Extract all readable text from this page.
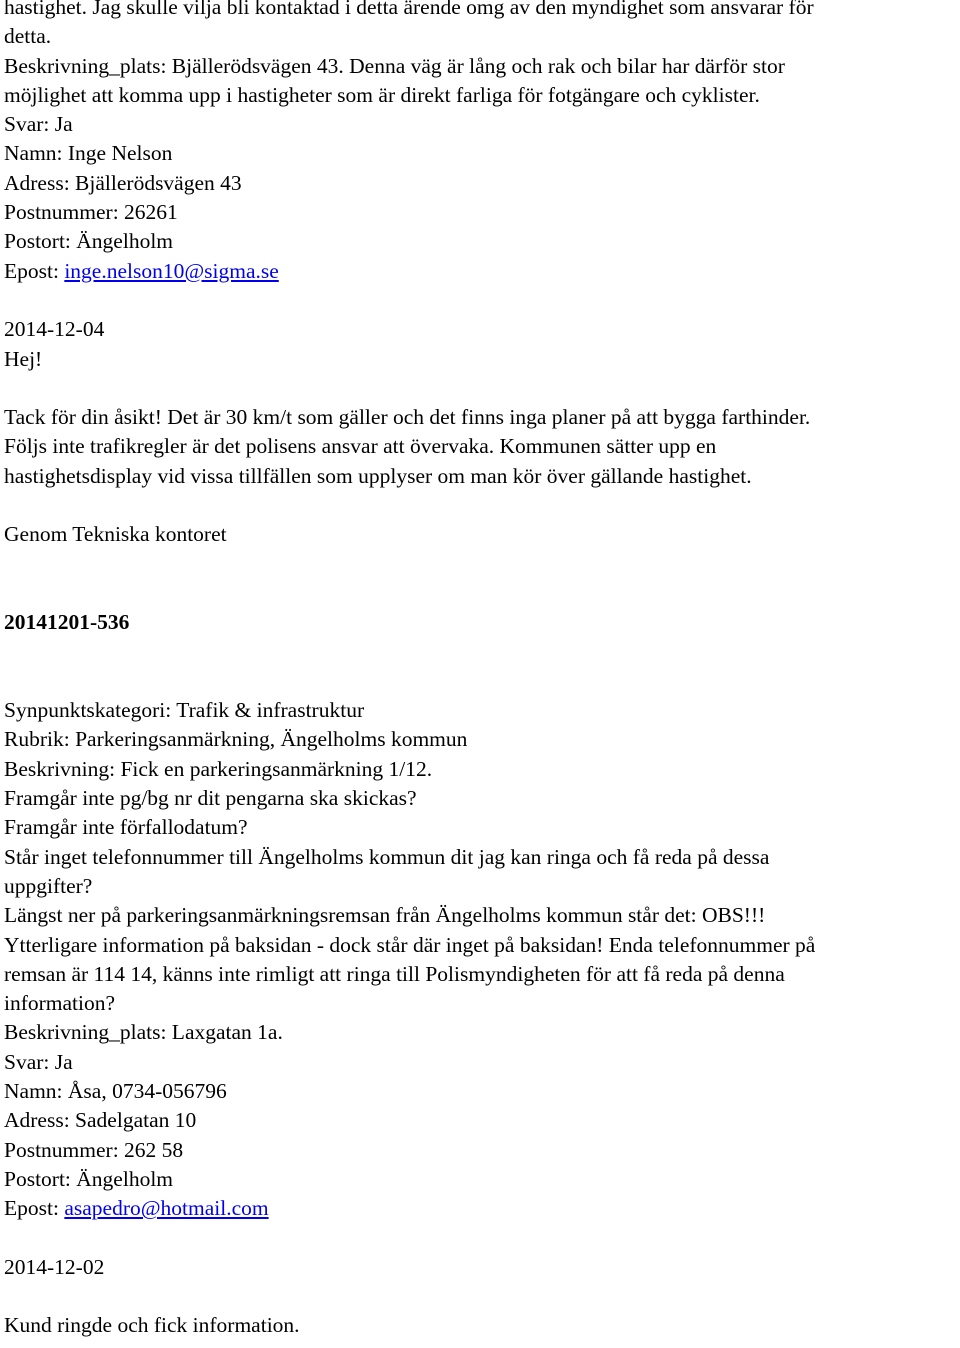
hastighet. Jag skulle vilja bli kontaktad i detta ärende omg av den myndighet som ansvarar för
detta.
Beskrivning_plats: Bjällerödsvägen 43. Denna väg är lång och rak och bilar har därför stor
möjlighet att komma upp i hastigheter som är direkt farliga för fotgängare och cyklister.
Svar: Ja
Namn: Inge Nelson
Adress: Bjällerödsvägen 43
Postnummer: 26261
Postort: Ängelholm
Epost: inge.nelson10@sigma.se
2014-12-04
Hej!
Tack för din åsikt! Det är 30 km/t som gäller och det finns inga planer på att bygga farthinder.
Följs inte trafikregler är det polisens ansvar att övervaka. Kommunen sätter upp en
hastighetsdisplay vid vissa tillfällen som upplyser om man kör över gällande hastighet.
Genom Tekniska kontoret
20141201-536
Synpunktskategori: Trafik & infrastruktur
Rubrik: Parkeringsanmärkning, Ängelholms kommun
Beskrivning: Fick en parkeringsanmärkning 1/12.
Framgår inte pg/bg nr dit pengarna ska skickas?
Framgår inte förfallodatum?
Står inget telefonnummer till Ängelholms kommun dit jag kan ringa och få reda på dessa
uppgifter?
Längst ner på parkeringsanmärkningsremsan från Ängelholms kommun står det: OBS!!!
Ytterligare information på baksidan - dock står där inget på baksidan! Enda telefonnummer på
remsan är 114 14, känns inte rimligt att ringa till Polismyndigheten för att få reda på denna
information?
Beskrivning_plats: Laxgatan 1a.
Svar: Ja
Namn: Åsa, 0734-056796
Adress: Sadelgatan 10
Postnummer: 262 58
Postort: Ängelholm
Epost: asapedro@hotmail.com
2014-12-02
Kund ringde och fick information.
